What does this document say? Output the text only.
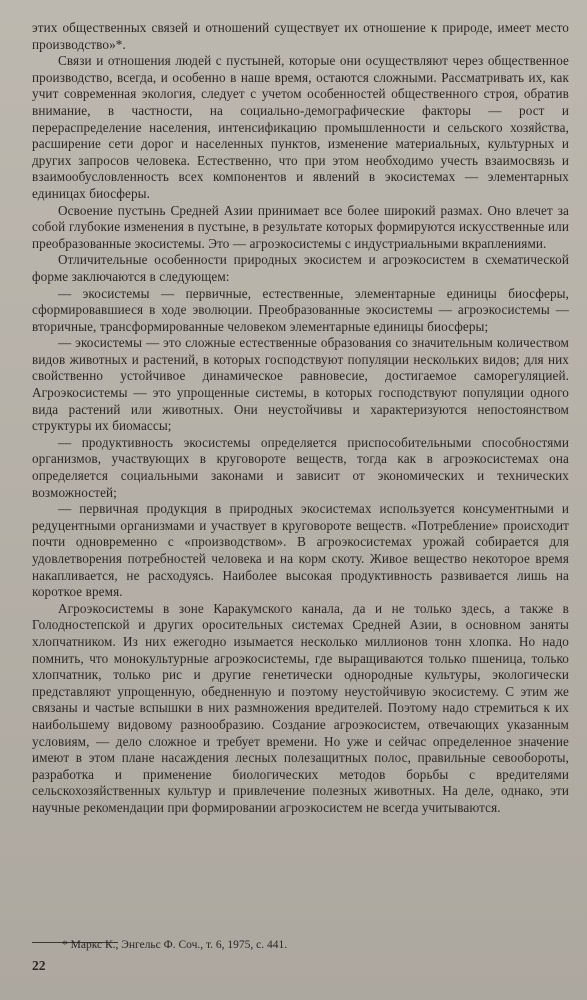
этих общественных связей и отношений существует их отношение к природе, имеет место производство»*.

Связи и отношения людей с пустыней, которые они осуществляют через общественное производство, всегда, и особенно в наше время, остаются сложными. Рассматривать их, как учит современная экология, следует с учетом особенностей общественного строя, обратив внимание, в частности, на социально-демографические факторы — рост и перераспределение населения, интенсификацию промышленности и сельского хозяйства, расширение сети дорог и населенных пунктов, изменение материальных, культурных и других запросов человека. Естественно, что при этом необходимо учесть взаимосвязь и взаимообусловленность всех компонентов и явлений в экосистемах — элементарных единицах биосферы.

Освоение пустынь Средней Азии принимает все более широкий размах. Оно влечет за собой глубокие изменения в пустыне, в результате которых формируются искусственные или преобразованные экосистемы. Это — агроэкосистемы с индустриальными вкраплениями.

Отличительные особенности природных экосистем и агроэкосистем в схематической форме заключаются в следующем:

— экосистемы — первичные, естественные, элементарные единицы биосферы, сформировавшиеся в ходе эволюции. Преобразованные экосистемы — агроэкосистемы — вторичные, трансформированные человеком элементарные единицы биосферы;

— экосистемы — это сложные естественные образования со значительным количеством видов животных и растений, в которых господствуют популяции нескольких видов; для них свойственно устойчивое динамическое равновесие, достигаемое саморегуляцией. Агроэкосистемы — это упрощенные системы, в которых господствуют популяции одного вида растений или животных. Они неустойчивы и характеризуются непостоянством структуры их биомассы;

— продуктивность экосистемы определяется приспособительными способностями организмов, участвующих в круговороте веществ, тогда как в агроэкосистемах она определяется социальными законами и зависит от экономических и технических возможностей;

— первичная продукция в природных экосистемах используется консументными и редуцентными организмами и участвует в круговороте веществ. «Потребление» происходит почти одновременно с «производством». В агроэкосистемах урожай собирается для удовлетворения потребностей человека и на корм скоту. Живое вещество некоторое время накапливается, не расходуясь. Наиболее высокая продуктивность развивается лишь на короткое время.

Агроэкосистемы в зоне Каракумского канала, да и не только здесь, а также в Голодностепской и других оросительных системах Средней Азии, в основном заняты хлопчатником. Из них ежегодно изымается несколько миллионов тонн хлопка. Но надо помнить, что монокультурные агроэкосистемы, где выращиваются только пшеница, только хлопчатник, только рис и другие генетически однородные культуры, экологически представляют упрощенную, обедненную и поэтому неустойчивую экосистему. С этим же связаны и частые вспышки в них размножения вредителей. Поэтому надо стремиться к их наибольшему видовому разнообразию. Создание агроэкосистем, отвечающих указанным условиям, — дело сложное и требует времени. Но уже и сейчас определенное значение имеют в этом плане насаждения лесных полезащитных полос, правильные севообороты, разработка и применение биологических методов борьбы с вредителями сельскохозяйственных культур и привлечение полезных животных. На деле, однако, эти научные рекомендации при формировании агроэкосистем не всегда учитываются.

* Маркс К., Энгельс Ф. Соч., т. 6, 1975, с. 441.
22
